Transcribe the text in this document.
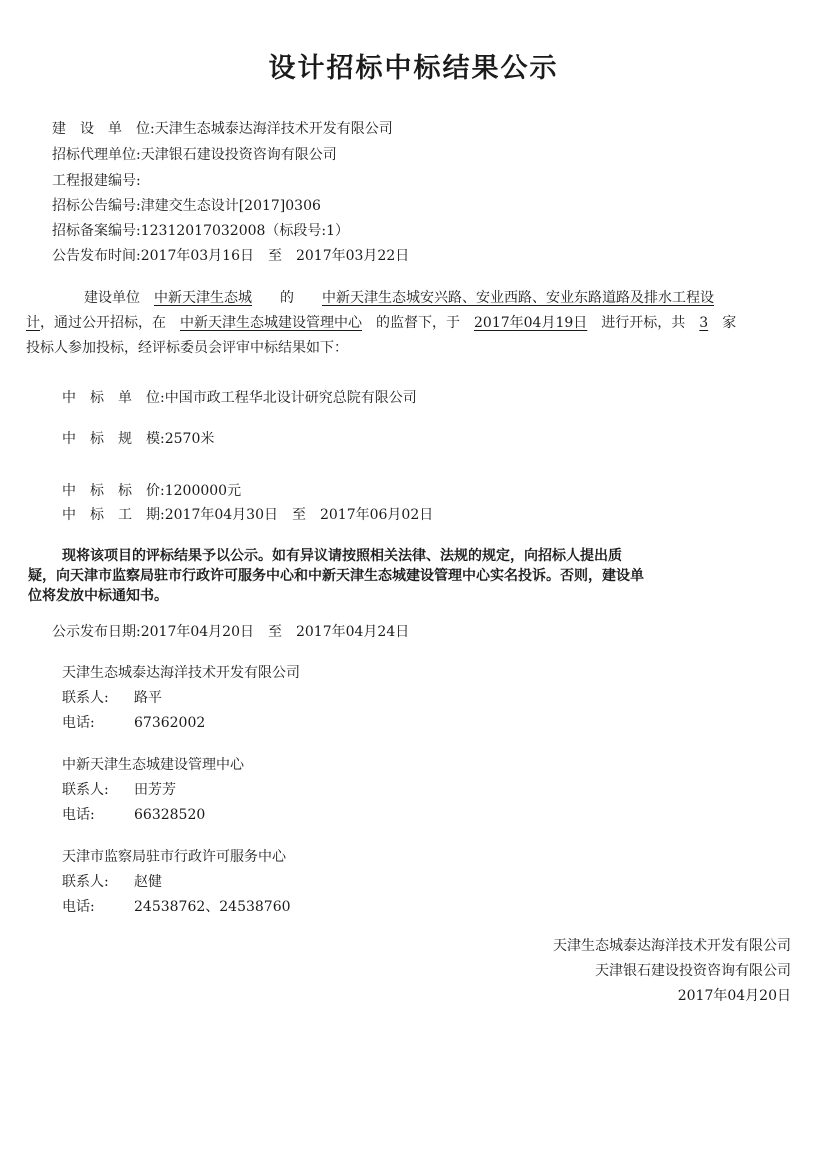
设计招标中标结果公示
建　设　单　位:天津生态城泰达海洋技术开发有限公司
招标代理单位:天津银石建设投资咨询有限公司
工程报建编号:
招标公告编号:津建交生态设计[2017]0306
招标备案编号:12312017032008（标段号:1）
公告发布时间:2017年03月16日　至　2017年03月22日
建设单位 中新天津生态城 的 中新天津生态城安兴路、安业西路、安业东路道路及排水工程设
计，通过公开招标，在 中新天津生态城建设管理中心 的监督下，于 2017年04月19日 进行开标，共 3 家
投标人参加投标，经评标委员会评审中标结果如下：
中　标　单　位:中国市政工程华北设计研究总院有限公司
中　标　规　模:2570米
中　标　标　价:1200000元
中　标　工　期:2017年04月30日　至　2017年06月02日
现将该项目的评标结果予以公示。如有异议请按照相关法律、法规的规定，向招标人提出质
疑，向天津市监察局驻市行政许可服务中心和中新天津生态城建设管理中心实名投诉。否则，建设单
位将发放中标通知书。
公示发布日期:2017年04月20日　至　2017年04月24日
天津生态城泰达海洋技术开发有限公司
联系人: 路平
电话:	67362002
中新天津生态城建设管理中心
联系人: 田芳芳
电话:	66328520
天津市监察局驻市行政许可服务中心
联系人: 赵健
电话:	24538762、24538760
天津生态城泰达海洋技术开发有限公司
天津银石建设投资咨询有限公司
2017年04月20日
